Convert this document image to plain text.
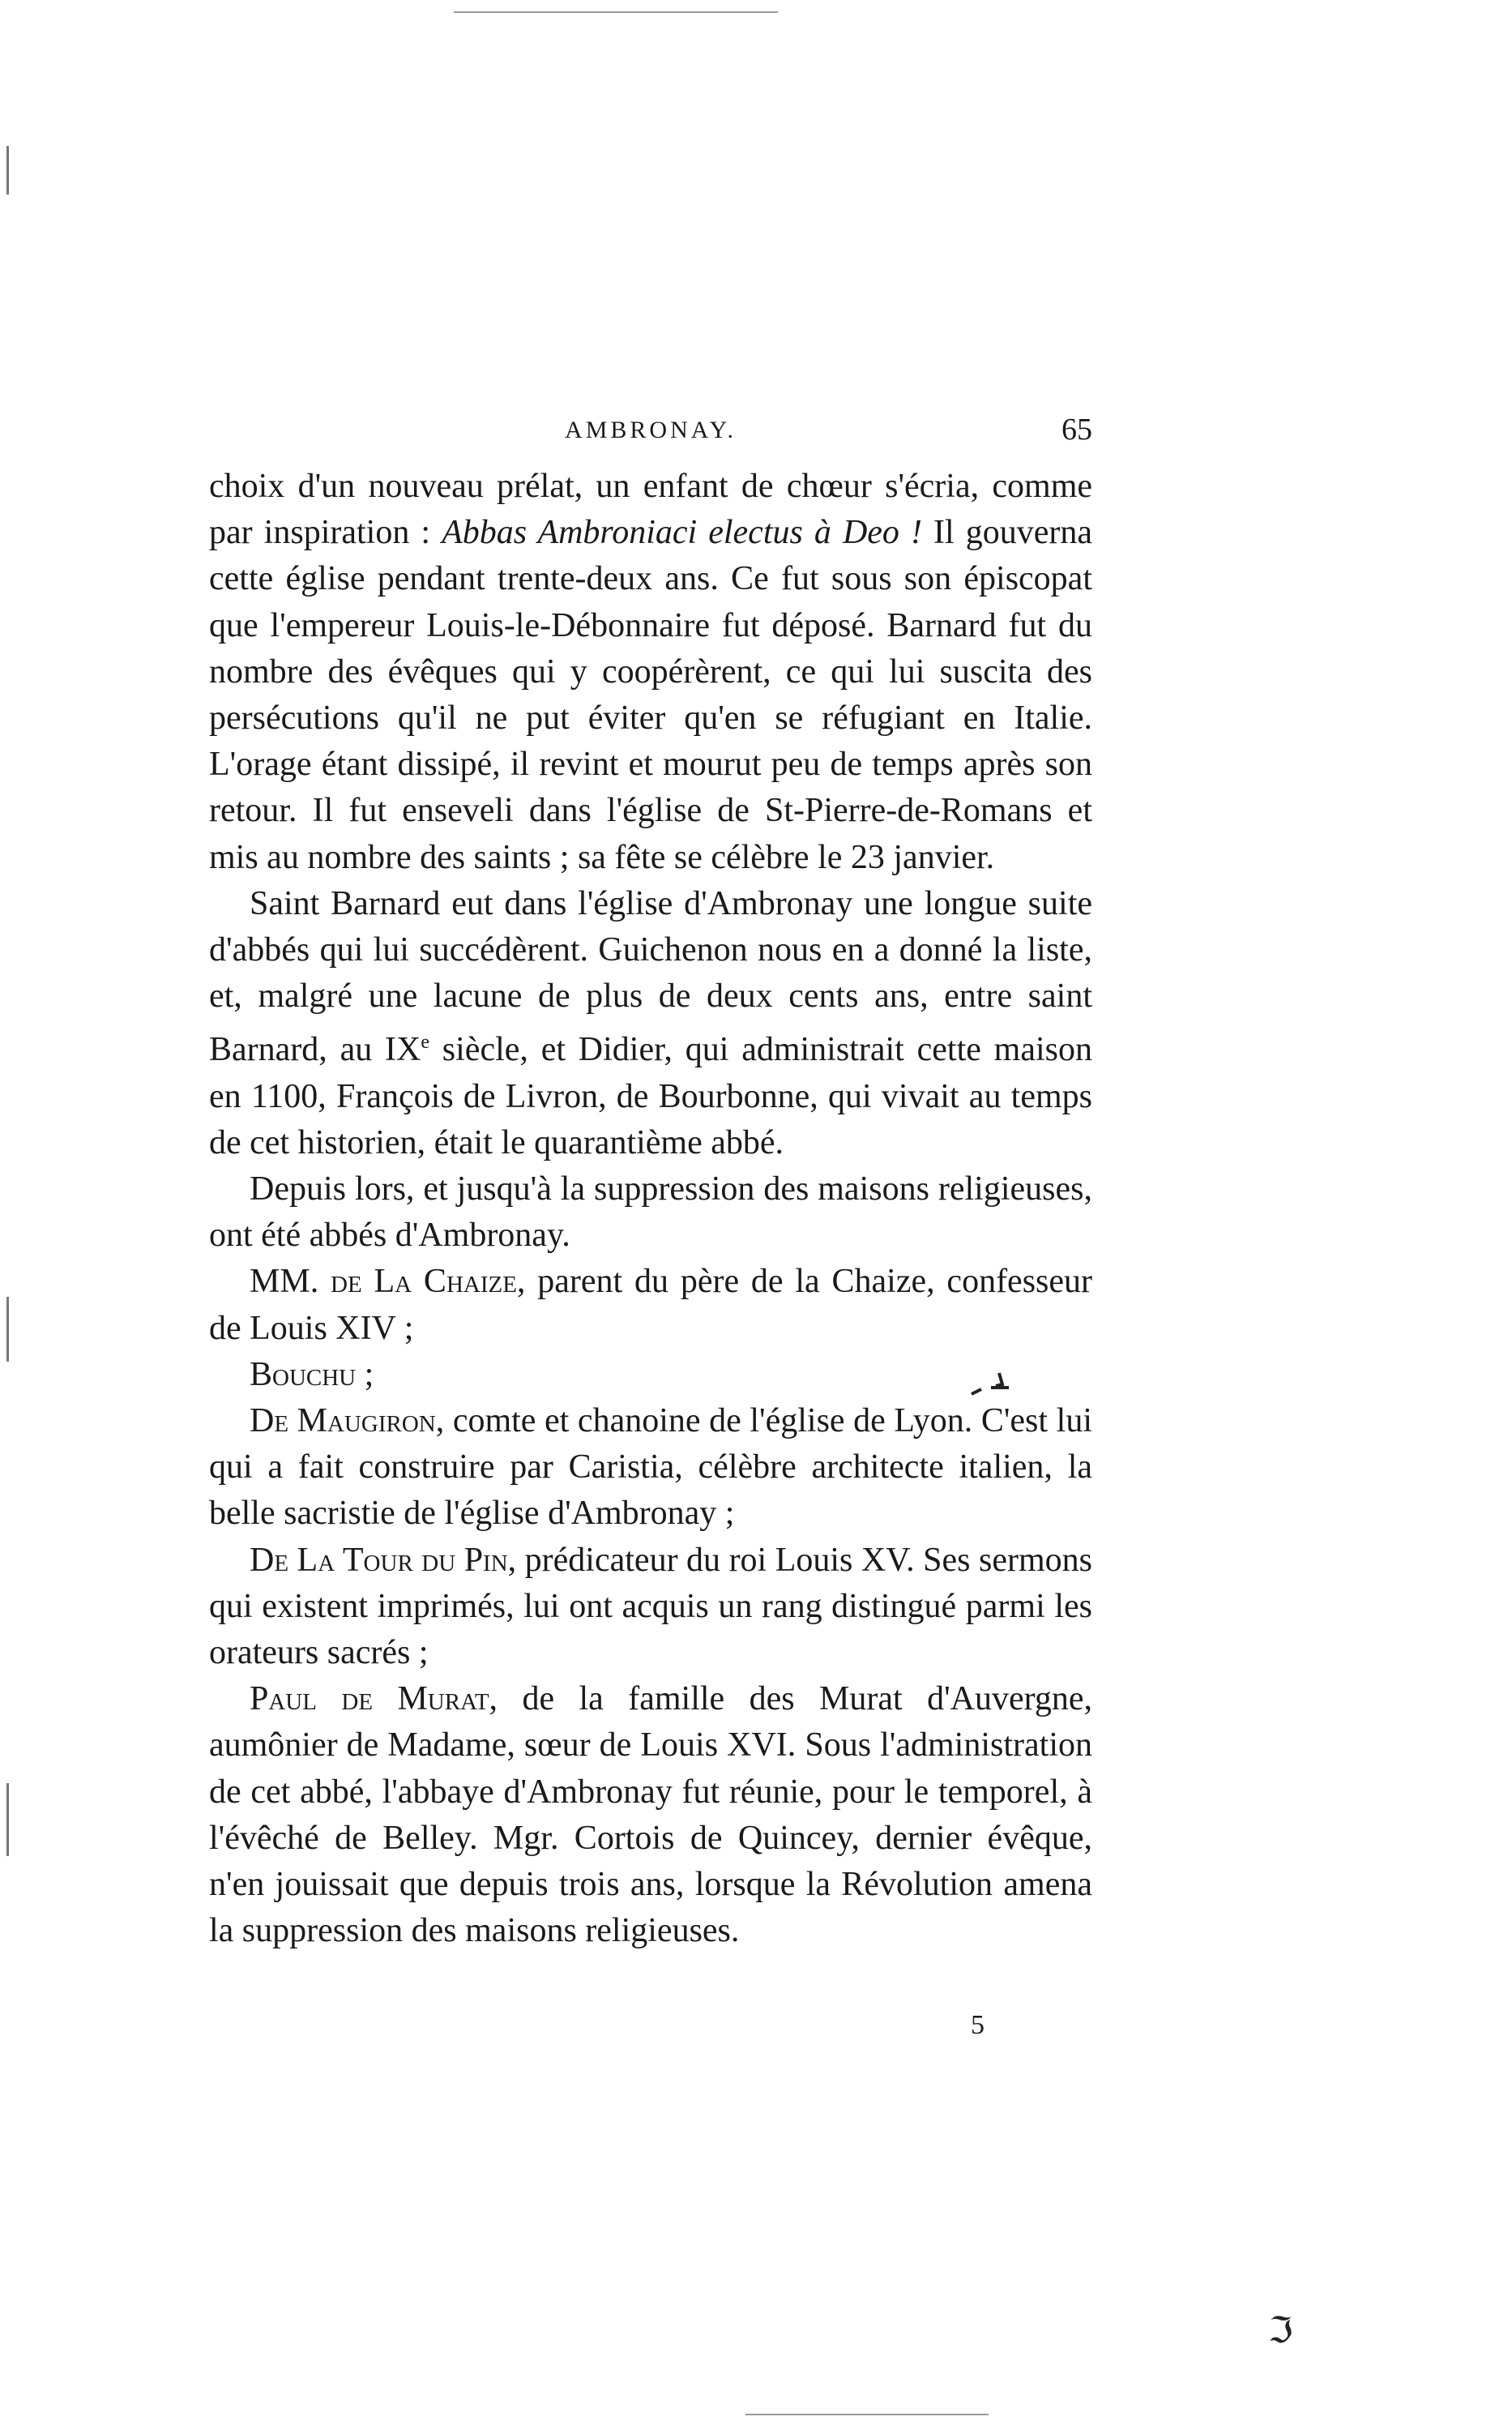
AMBRONAY.	65

choix d'un nouveau prélat, un enfant de chœur s'écria, comme par inspiration : Abbas Ambroniaci electus à Deo ! Il gouverna cette église pendant trente-deux ans. Ce fut sous son épiscopat que l'empereur Louis-le-Débonnaire fut déposé. Barnard fut du nombre des évêques qui y coopérèrent, ce qui lui suscita des persécutions qu'il ne put éviter qu'en se réfugiant en Italie. L'orage étant dissipé, il revint et mourut peu de temps après son retour. Il fut enseveli dans l'église de St-Pierre-de-Romans et mis au nombre des saints ; sa fête se célèbre le 23 janvier.

Saint Barnard eut dans l'église d'Ambronay une longue suite d'abbés qui lui succédèrent. Guichenon nous en a donné la liste, et, malgré une lacune de plus de deux cents ans, entre saint Barnard, au IXe siècle, et Didier, qui administrait cette maison en 1100, François de Livron, de Bourbonne, qui vivait au temps de cet historien, était le quarantième abbé.

Depuis lors, et jusqu'à la suppression des maisons religieuses, ont été abbés d'Ambronay.

MM. de La Chaize, parent du père de la Chaize, confesseur de Louis XIV ;

Bouchu ;

De Maugiron, comte et chanoine de l'église de Lyon. C'est lui qui a fait construire par Caristia, célèbre architecte italien, la belle sacristie de l'église d'Ambronay ;

De La Tour du Pin, prédicateur du roi Louis XV. Ses sermons qui existent imprimés, lui ont acquis un rang distingué parmi les orateurs sacrés ;

Paul de Murat, de la famille des Murat d'Auvergne, aumônier de Madame, sœur de Louis XVI. Sous l'administration de cet abbé, l'abbaye d'Ambronay fut réunie, pour le temporel, à l'évêché de Belley. Mgr. Cortois de Quincey, dernier évêque, n'en jouissait que depuis trois ans, lorsque la Révolution amena la suppression des maisons religieuses.

5
ℑ
